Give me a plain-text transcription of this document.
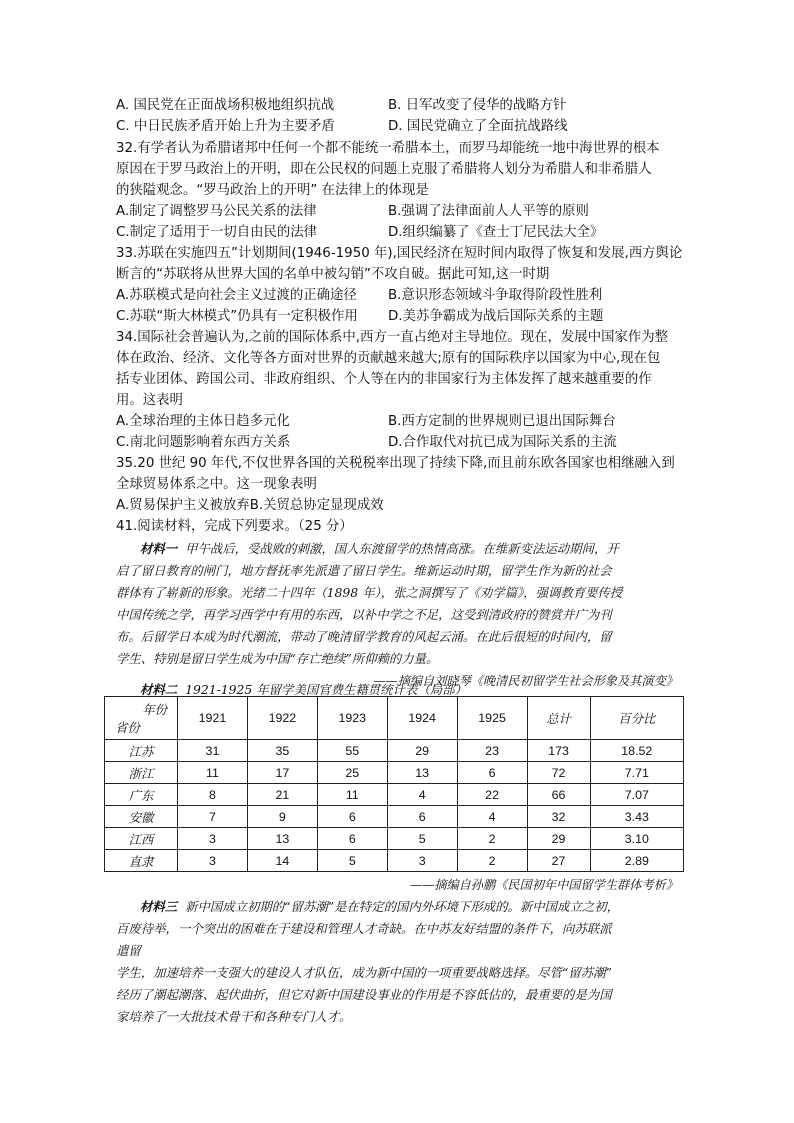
A. 国民党在正面战场积极地组织抗战	B. 日军改变了侵华的战略方针
C. 中日民族矛盾开始上升为主要矛盾	D. 国民党确立了全面抗战路线
32.有学者认为希腊诸邦中任何一个都不能统一希腊本土，而罗马却能统一地中海世界的根本
原因在于罗马政治上的开明，即在公民权的问题上克服了希腊将人划分为希腊人和非希腊人
的狭隘观念。“罗马政治上的开明” 在法律上的体现是
A.制定了调整罗马公民关系的法律	B.强调了法律面前人人平等的原则
C.制定了适用于一切自由民的法律	D.组织编纂了《查士丁尼民法大全》
33.苏联在实施四五”计划期间(1946-1950 年),国民经济在短时间内取得了恢复和发展,西方舆论
断言的“苏联将从世界大国的名单中被勾销”不攻自破。据此可知,这一时期
A.苏联模式是向社会主义过渡的正确途径 B.意识形态领域斗争取得阶段性胜利
C.苏联“斯大林模式”仍具有一定积极作用 D.美苏争霸成为战后国际关系的主题
34.国际社会普遍认为,之前的国际体系中,西方一直占绝对主导地位。现在，发展中国家作为整
体在政治、经济、文化等各方面对世界的贡献越来越大;原有的国际秩序以国家为中心,现在包
括专业团体、跨国公司、非政府组织、个人等在内的非国家行为主体发挥了越来越重要的作
用。这表明
A.全球治理的主体日趋多元化	B.西方定制的世界规则已退出国际舞台
C.南北问题影响着东西方关系	D.合作取代对抗已成为国际关系的主流
35.20 世纪 90 年代,不仅世界各国的关税税率出现了持续下降,而且前东欧各国家也相继融入到
全球贸易体系之中。这一现象表明
A.贸易保护主义被放弃B.关贸总协定显现成效
41.阅读材料，完成下列要求。（25 分）

材料一 甲午战后，受战败的刺激，国人东渡留学的热情高涨。在维新变法运动期间，开

启了留日教育的闸门，地方督抚率先派遣了留日学生。维新运动时期，留学生作为新的社会

群体有了崭新的形象。光绪二十四年（1898 年），张之洞撰写了《劝学篇》，强调教育要传授

中国传统之学，再学习西学中有用的东西，以补中学之不足，这受到清政府的赞赏并广为刊

布。后留学日本成为时代潮流，带动了晚清留学教育的风起云涌。在此后很短的时间内，留

学生、特别是留日学生成为中国“存亡绝续”所仰赖的力量。

——摘编自刘晓琴《晚清民初留学生社会形象及其演变》
材料二 1921-1925 年留学美国官费生籍贯统计表（局部）
年份
省份	1921	1922	1923	1924	1925	总计	百分比
江苏	31	35	55	29	23	173	18.52
浙江	11	17	25	13	6	72	7.71
广东	8	21	11	4	22	66	7.07
安徽	7	9	6	6	4	32	3.43
江西	3	13	6	5	2	29	3.10
直隶	3	14	5	3	2	27	2.89
——摘编自孙鹏《民国初年中国留学生群体考析》

材料三 新中国成立初期的“留苏潮”是在特定的国内外环境下形成的。新中国成立之初，

百废待举，一个突出的困难在于建设和管理人才奇缺。在中苏友好结盟的条件下，向苏联派

遣留

学生，加速培养一支强大的建设人才队伍，成为新中国的一项重要战略选择。尽管“留苏潮”

经历了潮起潮落、起伏曲折，但它对新中国建设事业的作用是不容低估的，最重要的是为国

家培养了一大批技术骨干和各种专门人才。
